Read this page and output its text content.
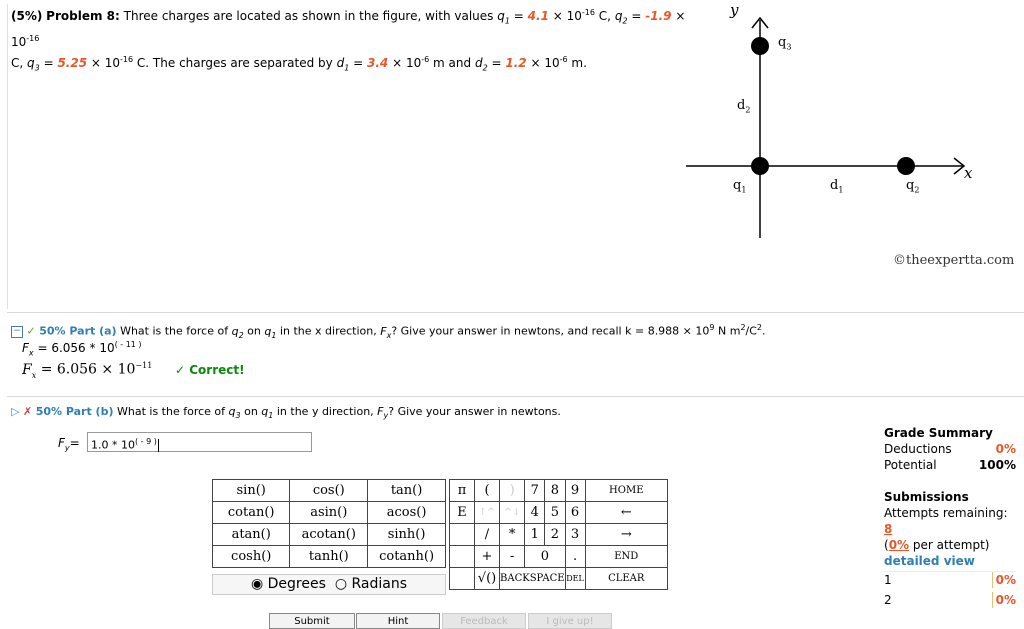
(5%) Problem 8: Three charges are located as shown in the figure, with values $q_1 = 4.1 \times 10^{-16}$ C, $q_2 = -1.9 \times 10^{-16}$
C, $q_3 = 5.25 \times 10^{-16}$ C. The charges are separated by $d_1 = 3.4 \times 10^{-6}$ m and $d_2 = 1.2 \times 10^{-6}$ m.
y
x
$q_3$
$d_2$
$q_1$	$d_1$	$q_2$
©theexpertta.com
− ✓ 50% Part (a) What is the force of $q_2$ on $q_1$ in the x direction, $F_x$? Give your answer in newtons, and recall $k = 8.988 \times 10^9$ N $m^2/C^2$.
$F_x = 6.056 * 10^{( - 11 )}$
$F_x = 6.056 \times 10^{-11}$ ✓ Correct!
▷ ✗ 50% Part (b) What is the force of $q_3$ on $q_1$ in the y direction, $F_y$? Give your answer in newtons.
$F_y=$	$1.0 * 10^{( - 9 )}$
sin()	cos()	tan()
cotan()	asin()	acos()
atan()	acotan()	sinh()
cosh()	tanh()	cotanh()
◉ Degrees ○ Radians
π	(	)	7	8	9	HOME
E	↑^	^↓	4	5	6	←
	/	*	1	2	3	→
	+	-	0		.	END
	√()	BACKSPACE			DEL	CLEAR
Submit	Hint	Feedback	I give up!
Grade Summary
Deductions	0%
Potential	100%
Submissions
Attempts remaining: 8
(0% per attempt)
detailed view
1	0%
2	0%
